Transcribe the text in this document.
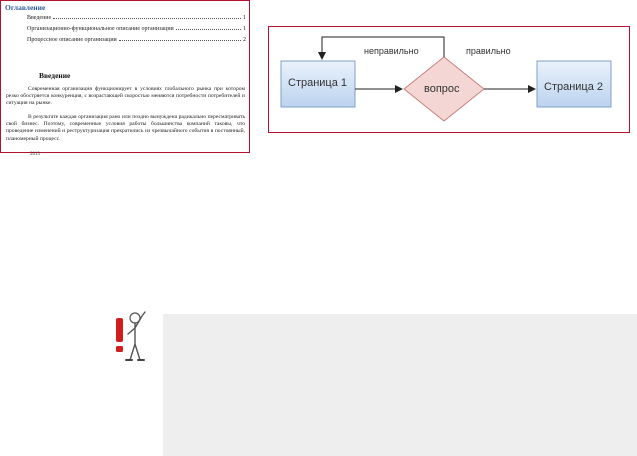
Оглавление
Введение	1
Организационно-функциональное описание организации	1
Процессное описание организации	2
Введение

Современная организация функционирует в условиях глобального рынка при котором резко обостряется конкуренция, с возрастающей скоростью меняются потребности потребителей и ситуация на рынке.

В результате каждая организация рано или поздно вынуждена радикально пересматривать свой бизнес. Поэтому, современные условия работы большинства компаний таковы, что проведение изменений и реструктуризация прекратились из чрезвычайного события в постоянный, планомерный процесс.

2013
Страница 1	вопрос	Страница 2
неправильно	правильно
